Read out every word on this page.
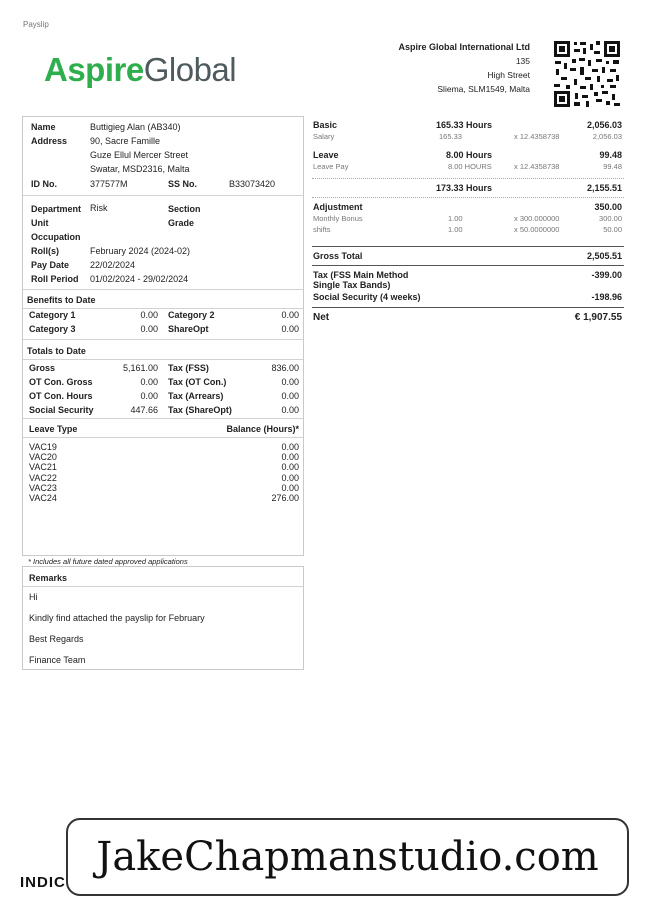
Payslip
AspireGlobal
Aspire Global International Ltd
135
High Street
Sliema, SLM1549, Malta
Name	Buttigieg Alan (AB340)
Address	90, Sacre Famille
Guze Ellul Mercer Street
Swatar, MSD2316, Malta
ID No.	377577M	SS No.	B33073420
Department Risk	Section
Unit	Grade
Occupation
Roll(s)	February 2024 (2024-02)
Pay Date 22/02/2024
Roll Period 01/02/2024 - 29/02/2024
Benefits to Date
Category 1	0.00 Category 2	0.00
Category 3	0.00 ShareOpt	0.00
Totals to Date
Gross	5,161.00 Tax (FSS)	836.00
OT Con. Gross	0.00 Tax (OT Con.)	0.00
OT Con. Hours	0.00 Tax (Arrears)	0.00
Social Security	447.66 Tax (ShareOpt)	0.00
Leave Type	Balance (Hours)*
VAC19	0.00
VAC20	0.00
VAC21	0.00
VAC22	0.00
VAC23	0.00
VAC24	276.00
* Includes all future dated approved applications
Remarks
Hi
Kindly find attached the payslip for February
Best Regards
Finance Team
Basic	165.33 Hours	2,056.03
Salary	165.33	x 12.4358738	2,056.03
Leave	8.00 Hours	99.48
Leave Pay	8.00 HOURS	x 12.4358738	99.48
173.33 Hours	2,155.51
Adjustment	350.00
Monthly Bonus	1.00	x 300.000000	300.00
shifts	1.00	x 50.0000000	50.00
Gross Total	2,505.51
Tax (FSS Main Method
Single Tax Bands)
-399.00
Social Security (4 weeks)	-198.96
Net	€ 1,907.55
JakeChapmanstudio.com
INDIC
